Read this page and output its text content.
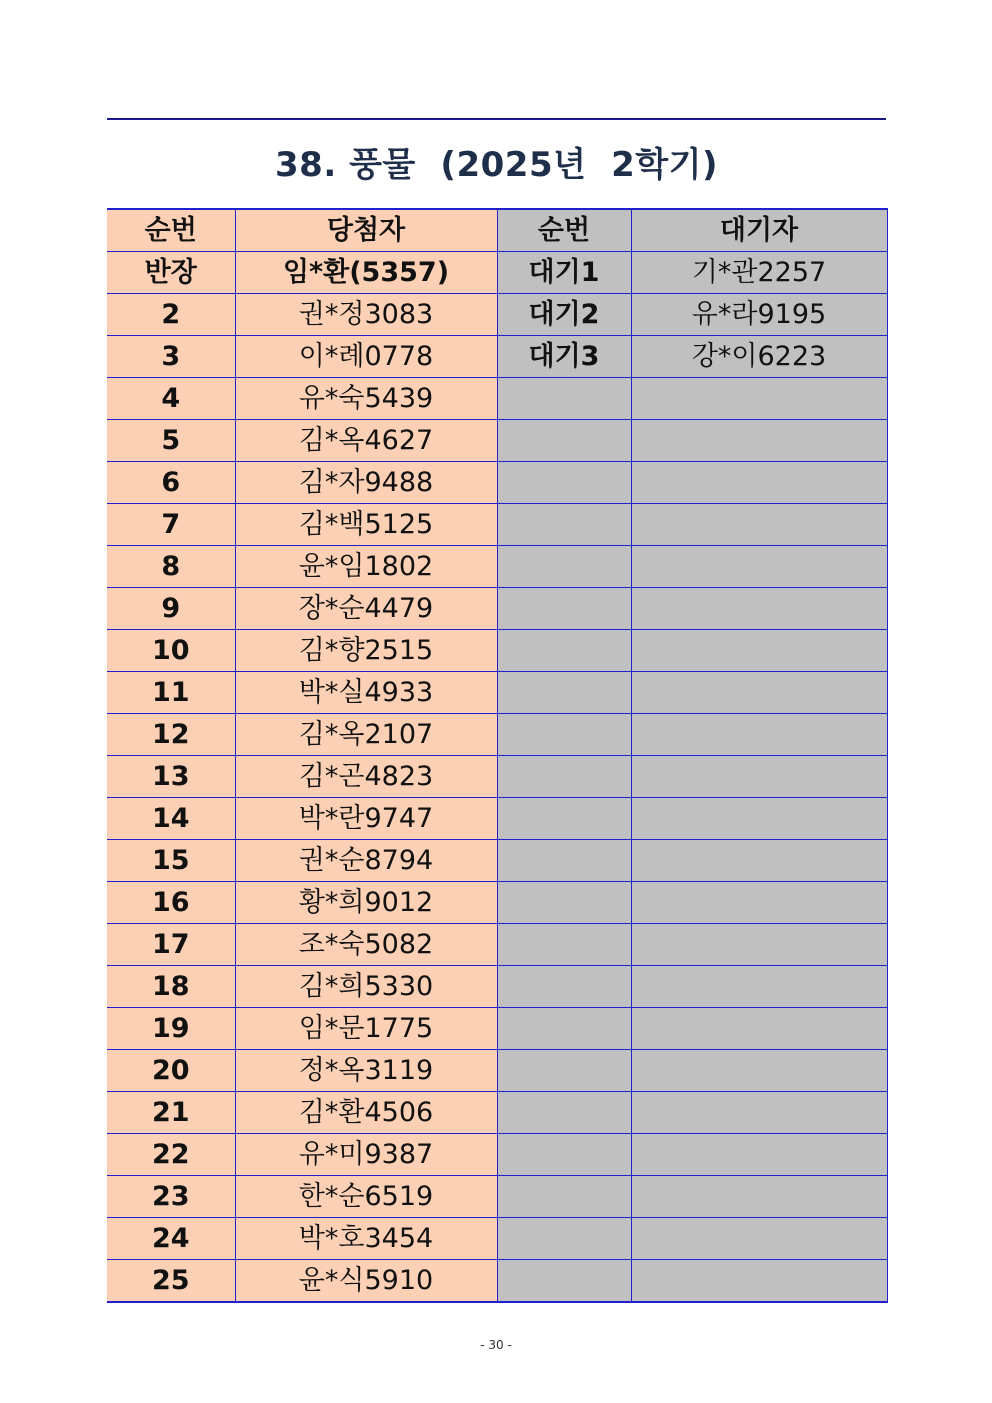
38. 풍물  (2025년  2학기)
순번	당첨자	순번	대기자
반장	임*환(5357)	대기1	기*관2257
2	권*정3083	대기2	유*라9195
3	이*례0778	대기3	강*이6223
4	유*숙5439		
5	김*옥4627		
6	김*자9488		
7	김*백5125		
8	윤*임1802		
9	장*순4479		
10	김*향2515		
11	박*실4933		
12	김*옥2107		
13	김*곤4823		
14	박*란9747		
15	권*순8794		
16	황*희9012		
17	조*숙5082		
18	김*희5330		
19	임*문1775		
20	정*옥3119		
21	김*환4506		
22	유*미9387		
23	한*순6519		
24	박*호3454		
25	윤*식5910		
- 30 -
